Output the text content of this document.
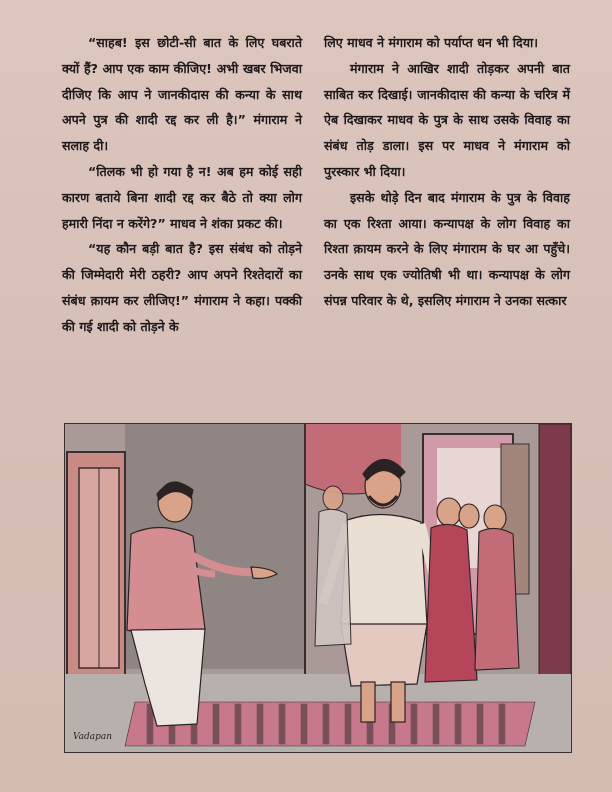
“साहब! इस छोटी-सी बात के लिए घबराते क्यों हैं? आप एक काम कीजिए! अभी खबर भिजवा दीजिए कि आप ने जानकीदास की कन्या के साथ अपने पुत्र की शादी रद्द कर ली है।” मंगाराम ने सलाह दी।

“तिलक भी हो गया है न! अब हम कोई सही कारण बताये बिना शादी रद्द कर बैठे तो क्या लोग हमारी निंदा न करेंगे?” माधव ने शंका प्रकट की।

“यह कौन बड़ी बात है? इस संबंध को तोड़ने की जिम्मेदारी मेरी ठहरी? आप अपने रिश्तेदारों का संबंध क़ायम कर लीजिए!” मंगाराम ने कहा। पक्की की गई शादी को तोड़ने के

लिए माधव ने मंगाराम को पर्याप्त धन भी दिया।

मंगाराम ने आखिर शादी तोड़कर अपनी बात साबित कर दिखाई। जानकीदास की कन्या के चरित्र में ऐब दिखाकर माधव के पुत्र के साथ उसके विवाह का संबंध तोड़ डाला। इस पर माधव ने मंगाराम को पुरस्कार भी दिया।

इसके थोड़े दिन बाद मंगाराम के पुत्र के विवाह का एक रिश्ता आया। कन्यापक्ष के लोग विवाह का रिश्ता क़ायम करने के लिए मंगाराम के घर आ पहुँचे। उनके साथ एक ज्योतिषी भी था। कन्यापक्ष के लोग संपन्न परिवार के थे, इसलिए मंगाराम ने उनका सत्कार

Vadapan
